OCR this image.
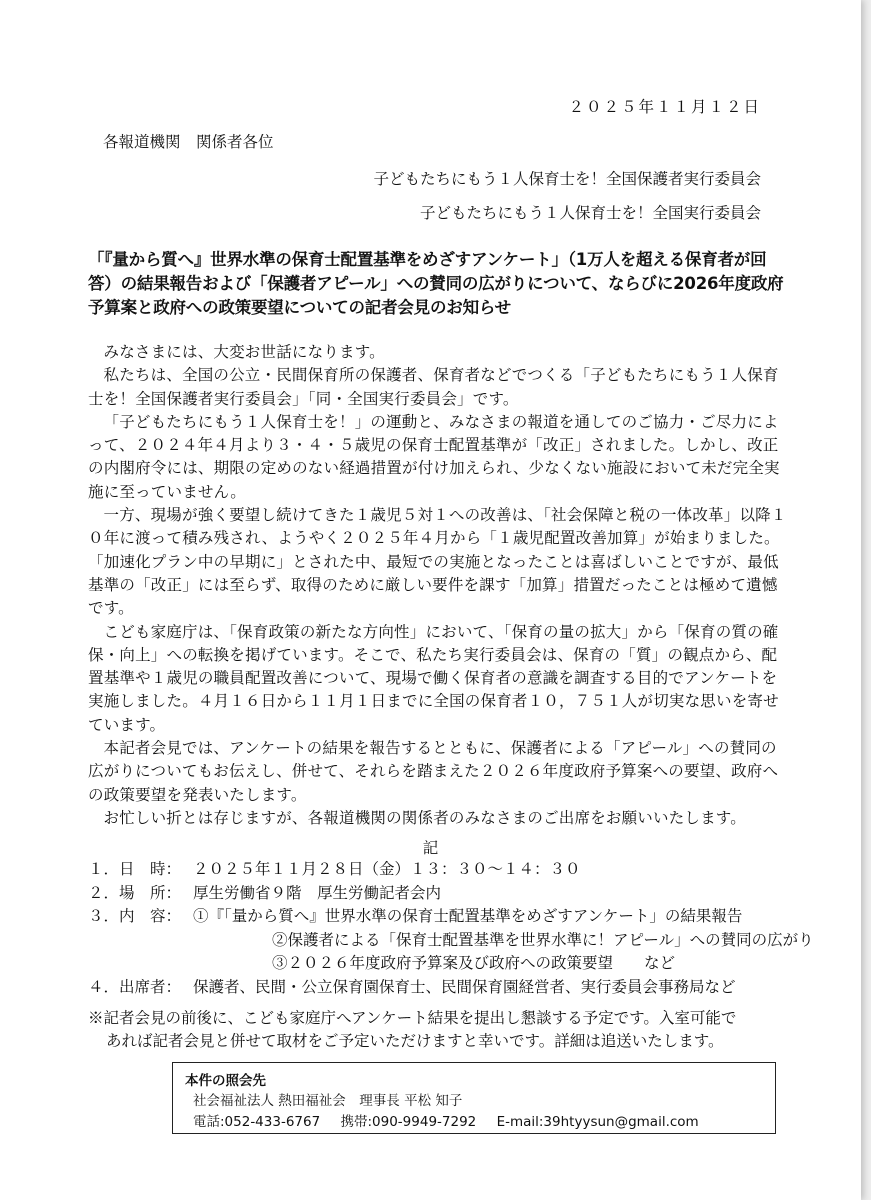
２０２５年１１月１２日
各報道機関　関係者各位
子どもたちにもう１人保育士を！全国保護者実行委員会
子どもたちにもう１人保育士を！全国実行委員会
「『量から質へ』世界水準の保育士配置基準をめざすアンケート」（1万人を超える保育者が回答）の結果報告および「保護者アピール」への賛同の広がりについて、ならびに2026年度政府予算案と政府への政策要望についての記者会見のお知らせ

みなさまには、大変お世話になります。

私たちは、全国の公立・民間保育所の保護者、保育者などでつくる「子どもたちにもう１人保育士を！全国保護者実行委員会」「同・全国実行委員会」です。

「子どもたちにもう１人保育士を！」の運動と、みなさまの報道を通してのご協力・ご尽力によって、２０２４年４月より３・４・５歳児の保育士配置基準が「改正」されました。しかし、改正の内閣府令には、期限の定めのない経過措置が付け加えられ、少なくない施設において未だ完全実施に至っていません。

一方、現場が強く要望し続けてきた１歳児５対１への改善は、「社会保障と税の一体改革」以降１０年に渡って積み残され、ようやく２０２５年４月から「１歳児配置改善加算」が始まりました。「加速化プラン中の早期に」とされた中、最短での実施となったことは喜ばしいことですが、最低基準の「改正」には至らず、取得のために厳しい要件を課す「加算」措置だったことは極めて遺憾です。

こども家庭庁は、「保育政策の新たな方向性」において、「保育の量の拡大」から「保育の質の確保・向上」への転換を掲げています。そこで、私たち実行委員会は、保育の「質」の観点から、配置基準や１歳児の職員配置改善について、現場で働く保育者の意識を調査する目的でアンケートを実施しました。４月１６日から１１月１日までに全国の保育者１０，７５１人が切実な思いを寄せています。

本記者会見では、アンケートの結果を報告するとともに、保護者による「アピール」への賛同の広がりについてもお伝えし、併せて、それらを踏まえた２０２６年度政府予算案への要望、政府への政策要望を発表いたします。

お忙しい折とは存じますが、各報道機関の関係者のみなさまのご出席をお願いいたします。

記
１．日　時： ２０２５年１１月２８日（金）１３：３０～１４：３０
２．場　所： 厚生労働省９階　厚生労働記者会内
３．内　容： ①『「量から質へ』世界水準の保育士配置基準をめざすアンケート」の結果報告
②保護者による「保育士配置基準を世界水準に！アピール」への賛同の広がり
③２０２６年度政府予算案及び政府への政策要望　　など
４．出席者： 保護者、民間・公立保育園保育士、民間保育園経営者、実行委員会事務局など
※記者会見の前後に、こども家庭庁へアンケート結果を提出し懇談する予定です。入室可能で
あれば記者会見と併せて取材をご予定いただけますと幸いです。詳細は追送いたします。
本件の照会先
社会福祉法人 熱田福祉会　理事長 平松 知子
電話:052-433-6767 携帯:090-9949-7292 E-mail:39htyysun@gmail.com
